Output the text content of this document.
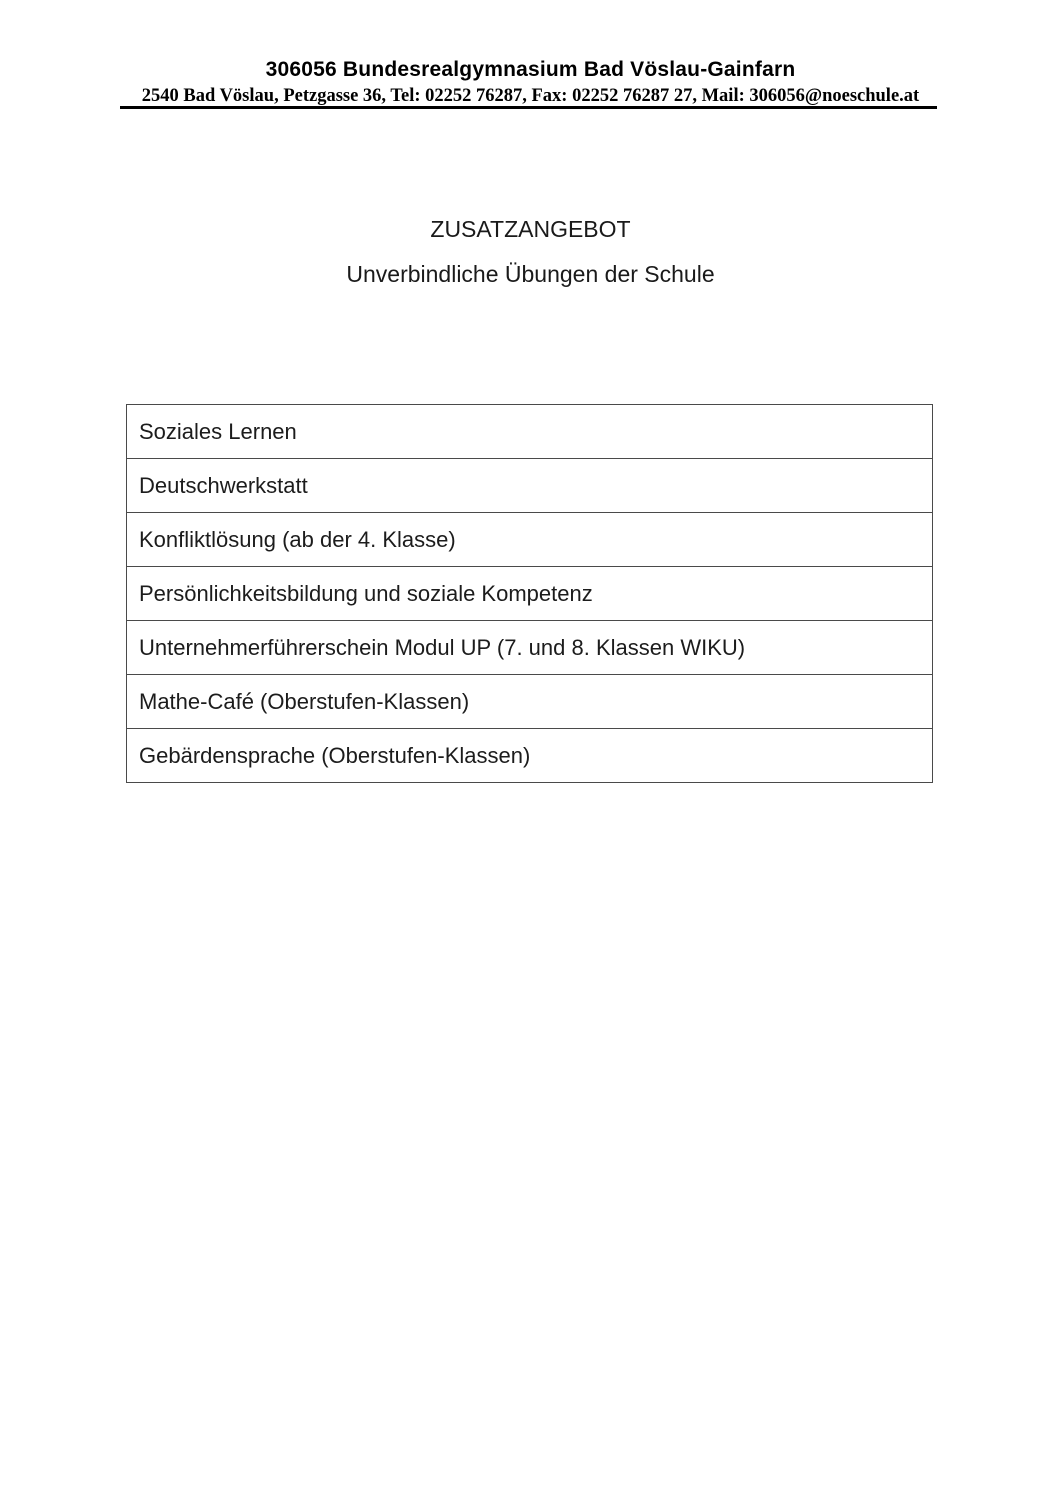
306056 Bundesrealgymnasium Bad Vöslau-Gainfarn
2540 Bad Vöslau, Petzgasse 36, Tel: 02252 76287, Fax: 02252 76287 27, Mail: 306056@noeschule.at
ZUSATZANGEBOT
Unverbindliche Übungen der Schule
Soziales Lernen
Deutschwerkstatt
Konfliktlösung (ab der 4. Klasse)
Persönlichkeitsbildung und soziale Kompetenz
Unternehmerführerschein Modul UP (7. und 8. Klassen WIKU)
Mathe-Café (Oberstufen-Klassen)
Gebärdensprache (Oberstufen-Klassen)
